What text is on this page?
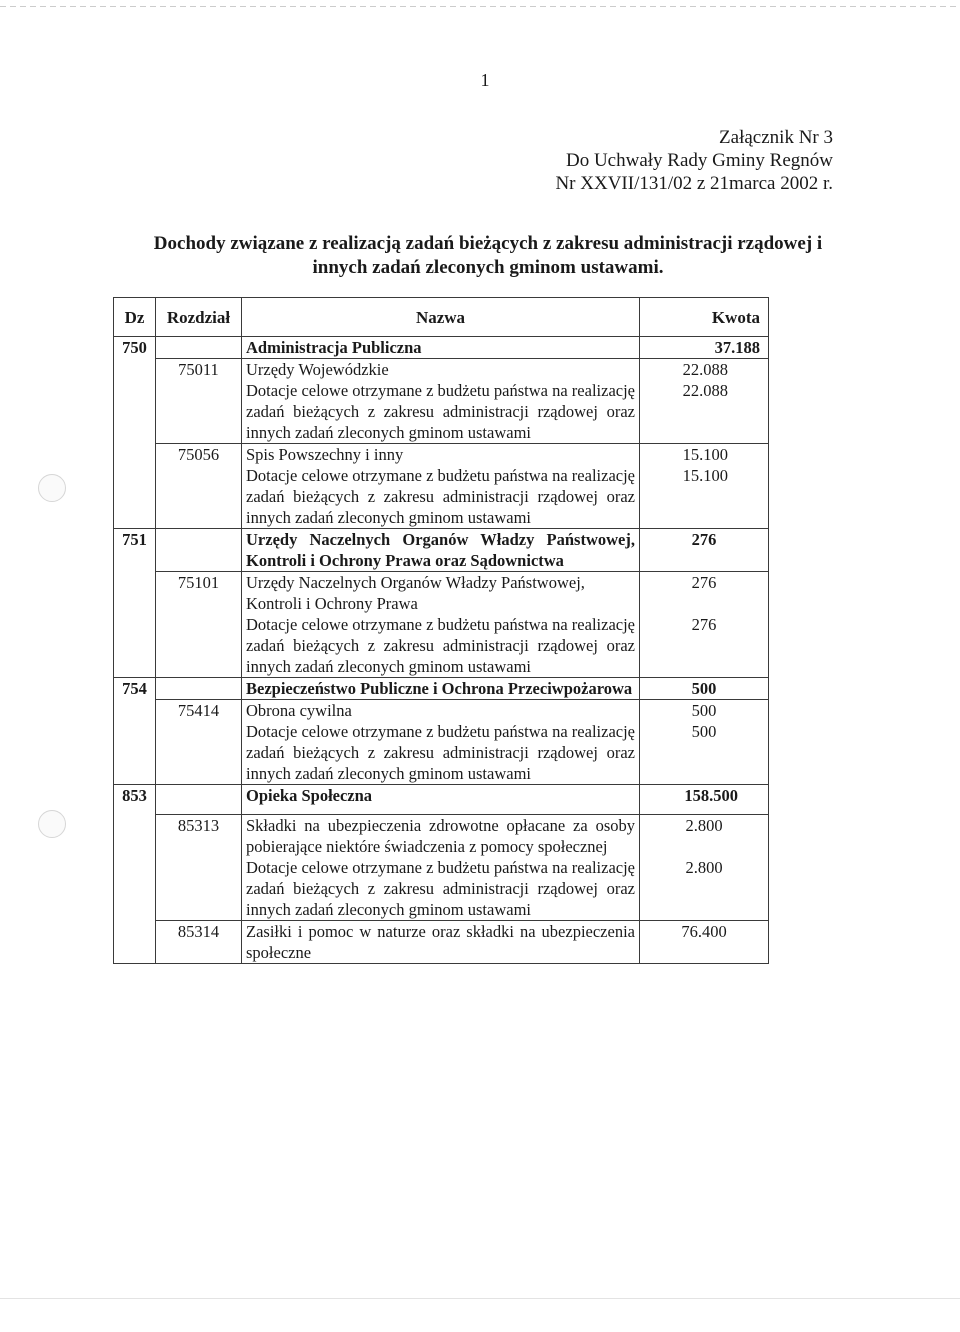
1
Załącznik Nr 3
Do Uchwały Rady Gminy Regnów
Nr XXVII/131/02 z 21marca 2002 r.
Dochody związane z realizacją zadań bieżących z zakresu administracji rządowej i
innych zadań zleconych gminom ustawami.
Dz	Rozdział	Nazwa	Kwota
750		Administracja Publiczna	37.188
	75011	Urzędy Wojewódzkie	22.088
		Dotacje celowe otrzymane z budżetu państwa na realizację zadań bieżących z zakresu administracji rządowej oraz innych zadań zleconych gminom ustawami	22.088
	75056	Spis Powszechny i inny	15.100
		Dotacje celowe otrzymane z budżetu państwa na realizację zadań bieżących z zakresu administracji rządowej oraz innych zadań zleconych gminom ustawami	15.100
751		Urzędy Naczelnych Organów Władzy Państwowej, Kontroli i Ochrony Prawa oraz Sądownictwa	276
	75101	Urzędy Naczelnych Organów Władzy Państwowej, Kontroli i Ochrony Prawa	276
		Dotacje celowe otrzymane z budżetu państwa na realizację zadań bieżących z zakresu administracji rządowej oraz innych zadań zleconych gminom ustawami	276
754		Bezpieczeństwo Publiczne i Ochrona Przeciwpożarowa	500
	75414	Obrona cywilna	500
		Dotacje celowe otrzymane z budżetu państwa na realizację zadań bieżących z zakresu administracji rządowej oraz innych zadań zleconych gminom ustawami	500
853		Opieka Społeczna	158.500

	85313	Składki na ubezpieczenia zdrowotne opłacane za osoby pobierające niektóre świadczenia z pomocy społecznej	2.800
		Dotacje celowe otrzymane z budżetu państwa na realizację zadań bieżących z zakresu administracji rządowej oraz innych zadań zleconych gminom ustawami	2.800
	85314	Zasiłki i pomoc w naturze oraz składki na ubezpieczenia społeczne	76.400
